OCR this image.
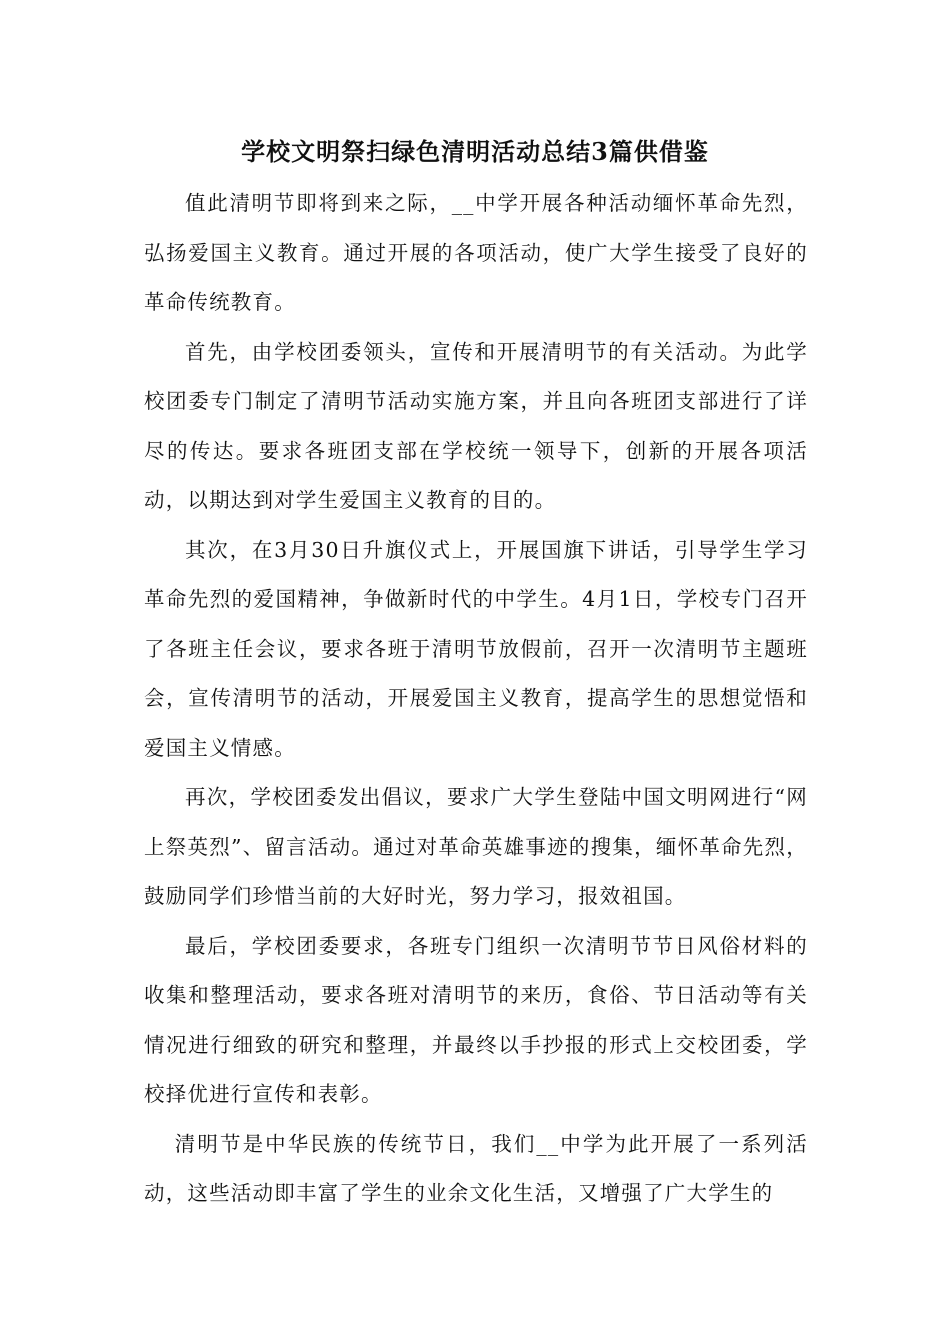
学校文明祭扫绿色清明活动总结3篇供借鉴

值此清明节即将到来之际，__中学开展各种活动缅怀革命先烈，弘扬爱国主义教育。通过开展的各项活动，使广大学生接受了良好的革命传统教育。

首先，由学校团委领头，宣传和开展清明节的有关活动。为此学校团委专门制定了清明节活动实施方案，并且向各班团支部进行了详尽的传达。要求各班团支部在学校统一领导下，创新的开展各项活动，以期达到对学生爱国主义教育的目的。

其次，在3月30日升旗仪式上，开展国旗下讲话，引导学生学习革命先烈的爱国精神，争做新时代的中学生。4月1日，学校专门召开了各班主任会议，要求各班于清明节放假前，召开一次清明节主题班会，宣传清明节的活动，开展爱国主义教育，提高学生的思想觉悟和爱国主义情感。

再次，学校团委发出倡议，要求广大学生登陆中国文明网进行“网上祭英烈”、留言活动。通过对革命英雄事迹的搜集，缅怀革命先烈，鼓励同学们珍惜当前的大好时光，努力学习，报效祖国。

最后，学校团委要求，各班专门组织一次清明节节日风俗材料的收集和整理活动，要求各班对清明节的来历，食俗、节日活动等有关情况进行细致的研究和整理，并最终以手抄报的形式上交校团委，学校择优进行宣传和表彰。

清明节是中华民族的传统节日，我们__中学为此开展了一系列活动，这些活动即丰富了学生的业余文化生活，又增强了广大学生的
